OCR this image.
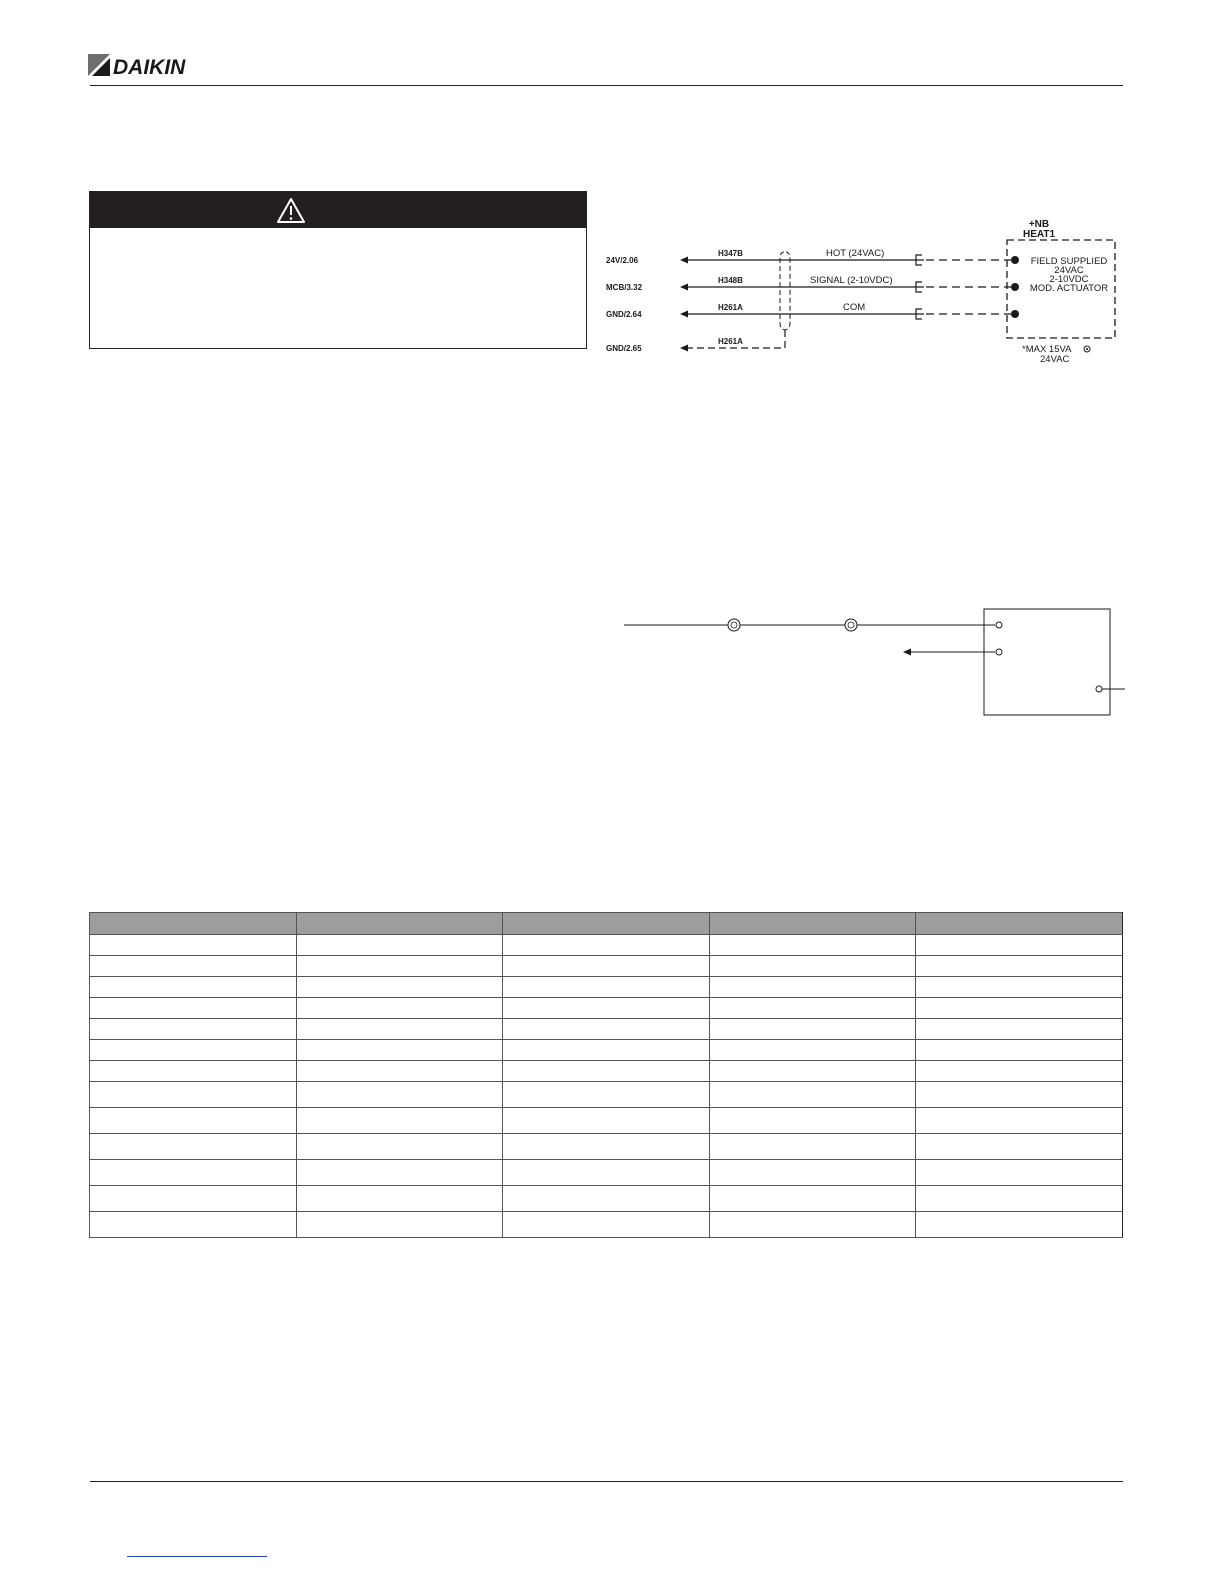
DAIKIN
+NB
HEAT1
FIELD SUPPLIED
24VAC
2-10VDC
MOD. ACTUATOR
*MAX 15VA
24VAC
24V/2.06
H347B	HOT (24VAC)
MCB/3.32
H348B	SIGNAL (2-10VDC)
GND/2.64
H261A	COM
GND/2.65
H261A
